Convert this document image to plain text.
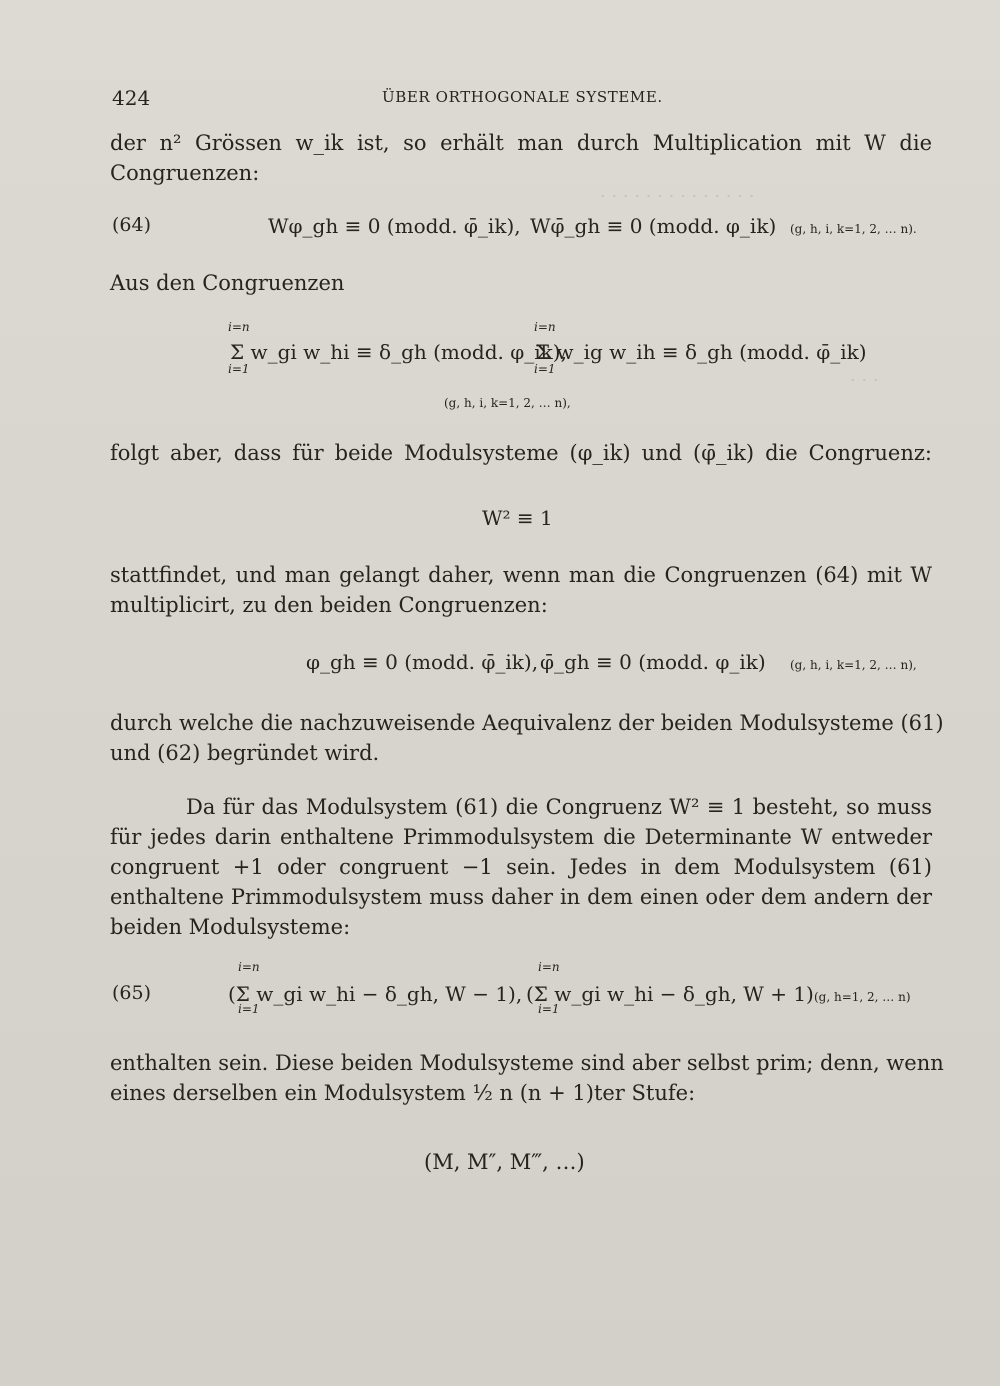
· · · · · · · · · · · · · ·
· · ·
424	ÜBER ORTHOGONALE SYSTEME.
der n² Grössen w_ik ist, so erhält man durch Multiplication mit W die
Congruenzen:
(64)	Wφ_gh ≡ 0 (modd. φ̄_ik), Wφ̄_gh ≡ 0 (modd. φ_ik) (g, h, i, k=1, 2, … n).
Aus den Congruenzen
i=n
i=1
Σ w_gi w_hi ≡ δ_gh (modd. φ_ik),
i=n
i=1
Σ w_ig w_ih ≡ δ_gh (modd. φ̄_ik)
(g, h, i, k=1, 2, … n),
folgt aber, dass für beide Modulsysteme (φ_ik) und (φ̄_ik) die Congruenz:
W² ≡ 1
stattfindet, und man gelangt daher, wenn man die Congruenzen (64) mit W
multiplicirt, zu den beiden Congruenzen:
φ_gh ≡ 0 (modd. φ̄_ik), φ̄_gh ≡ 0 (modd. φ_ik) (g, h, i, k=1, 2, … n),
durch welche die nachzuweisende Aequivalenz der beiden Modulsysteme (61)
und (62) begründet wird.
Da für das Modulsystem (61) die Congruenz W² ≡ 1 besteht, so muss
für jedes darin enthaltene Primmodulsystem die Determinante W entweder
congruent +1 oder congruent −1 sein. Jedes in dem Modulsystem (61)
enthaltene Primmodulsystem muss daher in dem einen oder dem andern der
beiden Modulsysteme:
(65)
i=n
i=1
(Σ w_gi w_hi − δ_gh, W − 1),
i=n
i=1
(Σ w_gi w_hi − δ_gh, W + 1) (g, h=1, 2, … n)
enthalten sein. Diese beiden Modulsysteme sind aber selbst prim; denn, wenn
eines derselben ein Modulsystem ½ n (n + 1)ter Stufe:
(M, M″, M‴, …)
